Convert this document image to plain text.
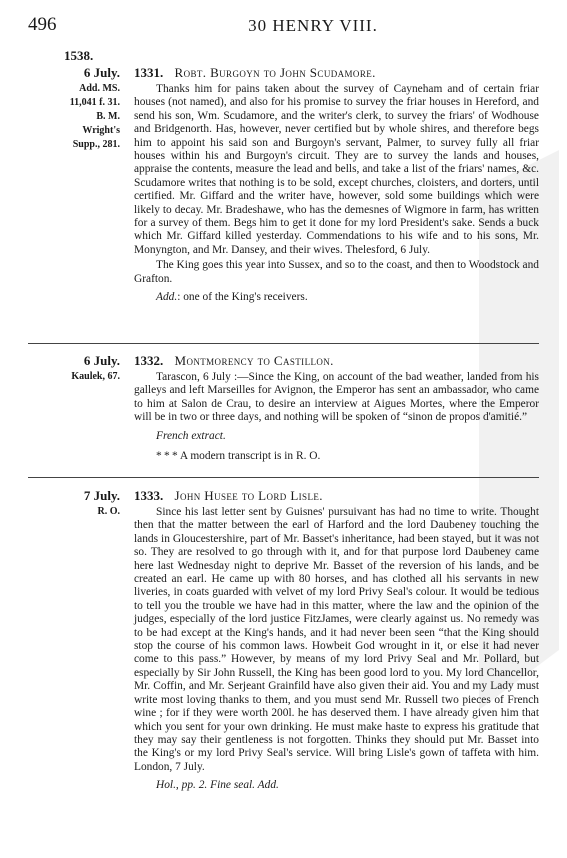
496	30 HENRY VIII.
1538.
6 July.
Add. MS.
11,041 f. 31.
B. M.
Wright's
Supp., 281.
1331. Robt. Burgoyn to John Scudamore.

Thanks him for pains taken about the survey of Cayneham and of certain friar houses (not named), and also for his promise to survey the friar houses in Hereford, and send his son, Wm. Scudamore, and the writer's clerk, to survey the friars' of Wodhouse and Bridgenorth. Has, however, never certified but by whole shires, and therefore begs him to appoint his said son and Burgoyn's servant, Palmer, to survey fully all friar houses within his and Burgoyn's circuit. They are to survey the lands and houses, appraise the contents, measure the lead and bells, and take a list of the friars' names, &c. Scudamore writes that nothing is to be sold, except churches, cloisters, and dorters, until certified. Mr. Giffard and the writer have, however, sold some buildings which were likely to decay. Mr. Bradeshawe, who has the demesnes of Wigmore in farm, has written for a survey of them. Begs him to get it done for my lord President's sake. Sends a buck which Mr. Giffard killed yesterday. Commendations to his wife and to his sons, Mr. Monyngton, and Mr. Dansey, and their wives. Thelesford, 6 July.

The King goes this year into Sussex, and so to the coast, and then to Woodstock and Grafton.

Add.: one of the King's receivers.

6 July.
Kaulek, 67.
1332. Montmorency to Castillon.

Tarascon, 6 July :—Since the King, on account of the bad weather, landed from his galleys and left Marseilles for Avignon, the Emperor has sent an ambassador, who came to him at Salon de Crau, to desire an interview at Aigues Mortes, where the Emperor will be in two or three days, and nothing will be spoken of “sinon de propos d'amitié.”

French extract.

* * * A modern transcript is in R. O.

7 July.
R. O.
1333. John Husee to Lord Lisle.

Since his last letter sent by Guisnes' pursuivant has had no time to write. Thought then that the matter between the earl of Harford and the lord Daubeney touching the lands in Gloucestershire, part of Mr. Basset's inheritance, had been stayed, but it was not so. They are resolved to go through with it, and for that purpose lord Daubeney came here last Wednesday night to deprive Mr. Basset of the reversion of his lands, and be created an earl. He came up with 80 horses, and has clothed all his servants in new liveries, in coats guarded with velvet of my lord Privy Seal's colour. It would be tedious to tell you the trouble we have had in this matter, where the law and the opinion of the judges, especially of the lord justice FitzJames, were clearly against us. No remedy was to be had except at the King's hands, and it had never been seen “that the King should stop the course of his common laws. Howbeit God wrought in it, or else it had never come to this pass.” However, by means of my lord Privy Seal and Mr. Pollard, but especially by Sir John Russell, the King has been good lord to you. My lord Chancellor, Mr. Coffin, and Mr. Serjeant Grainfild have also given their aid. You and my Lady must write most loving thanks to them, and you must send Mr. Russell two pieces of French wine ; for if they were worth 200l. he has deserved them. I have already given him that which you sent for your own drinking. He must make haste to express his gratitude that they may say their gentleness is not forgotten. Thinks they should put Mr. Basset into the King's or my lord Privy Seal's service. Will bring Lisle's gown of taffeta with him. London, 7 July.

Hol., pp. 2. Fine seal. Add.
